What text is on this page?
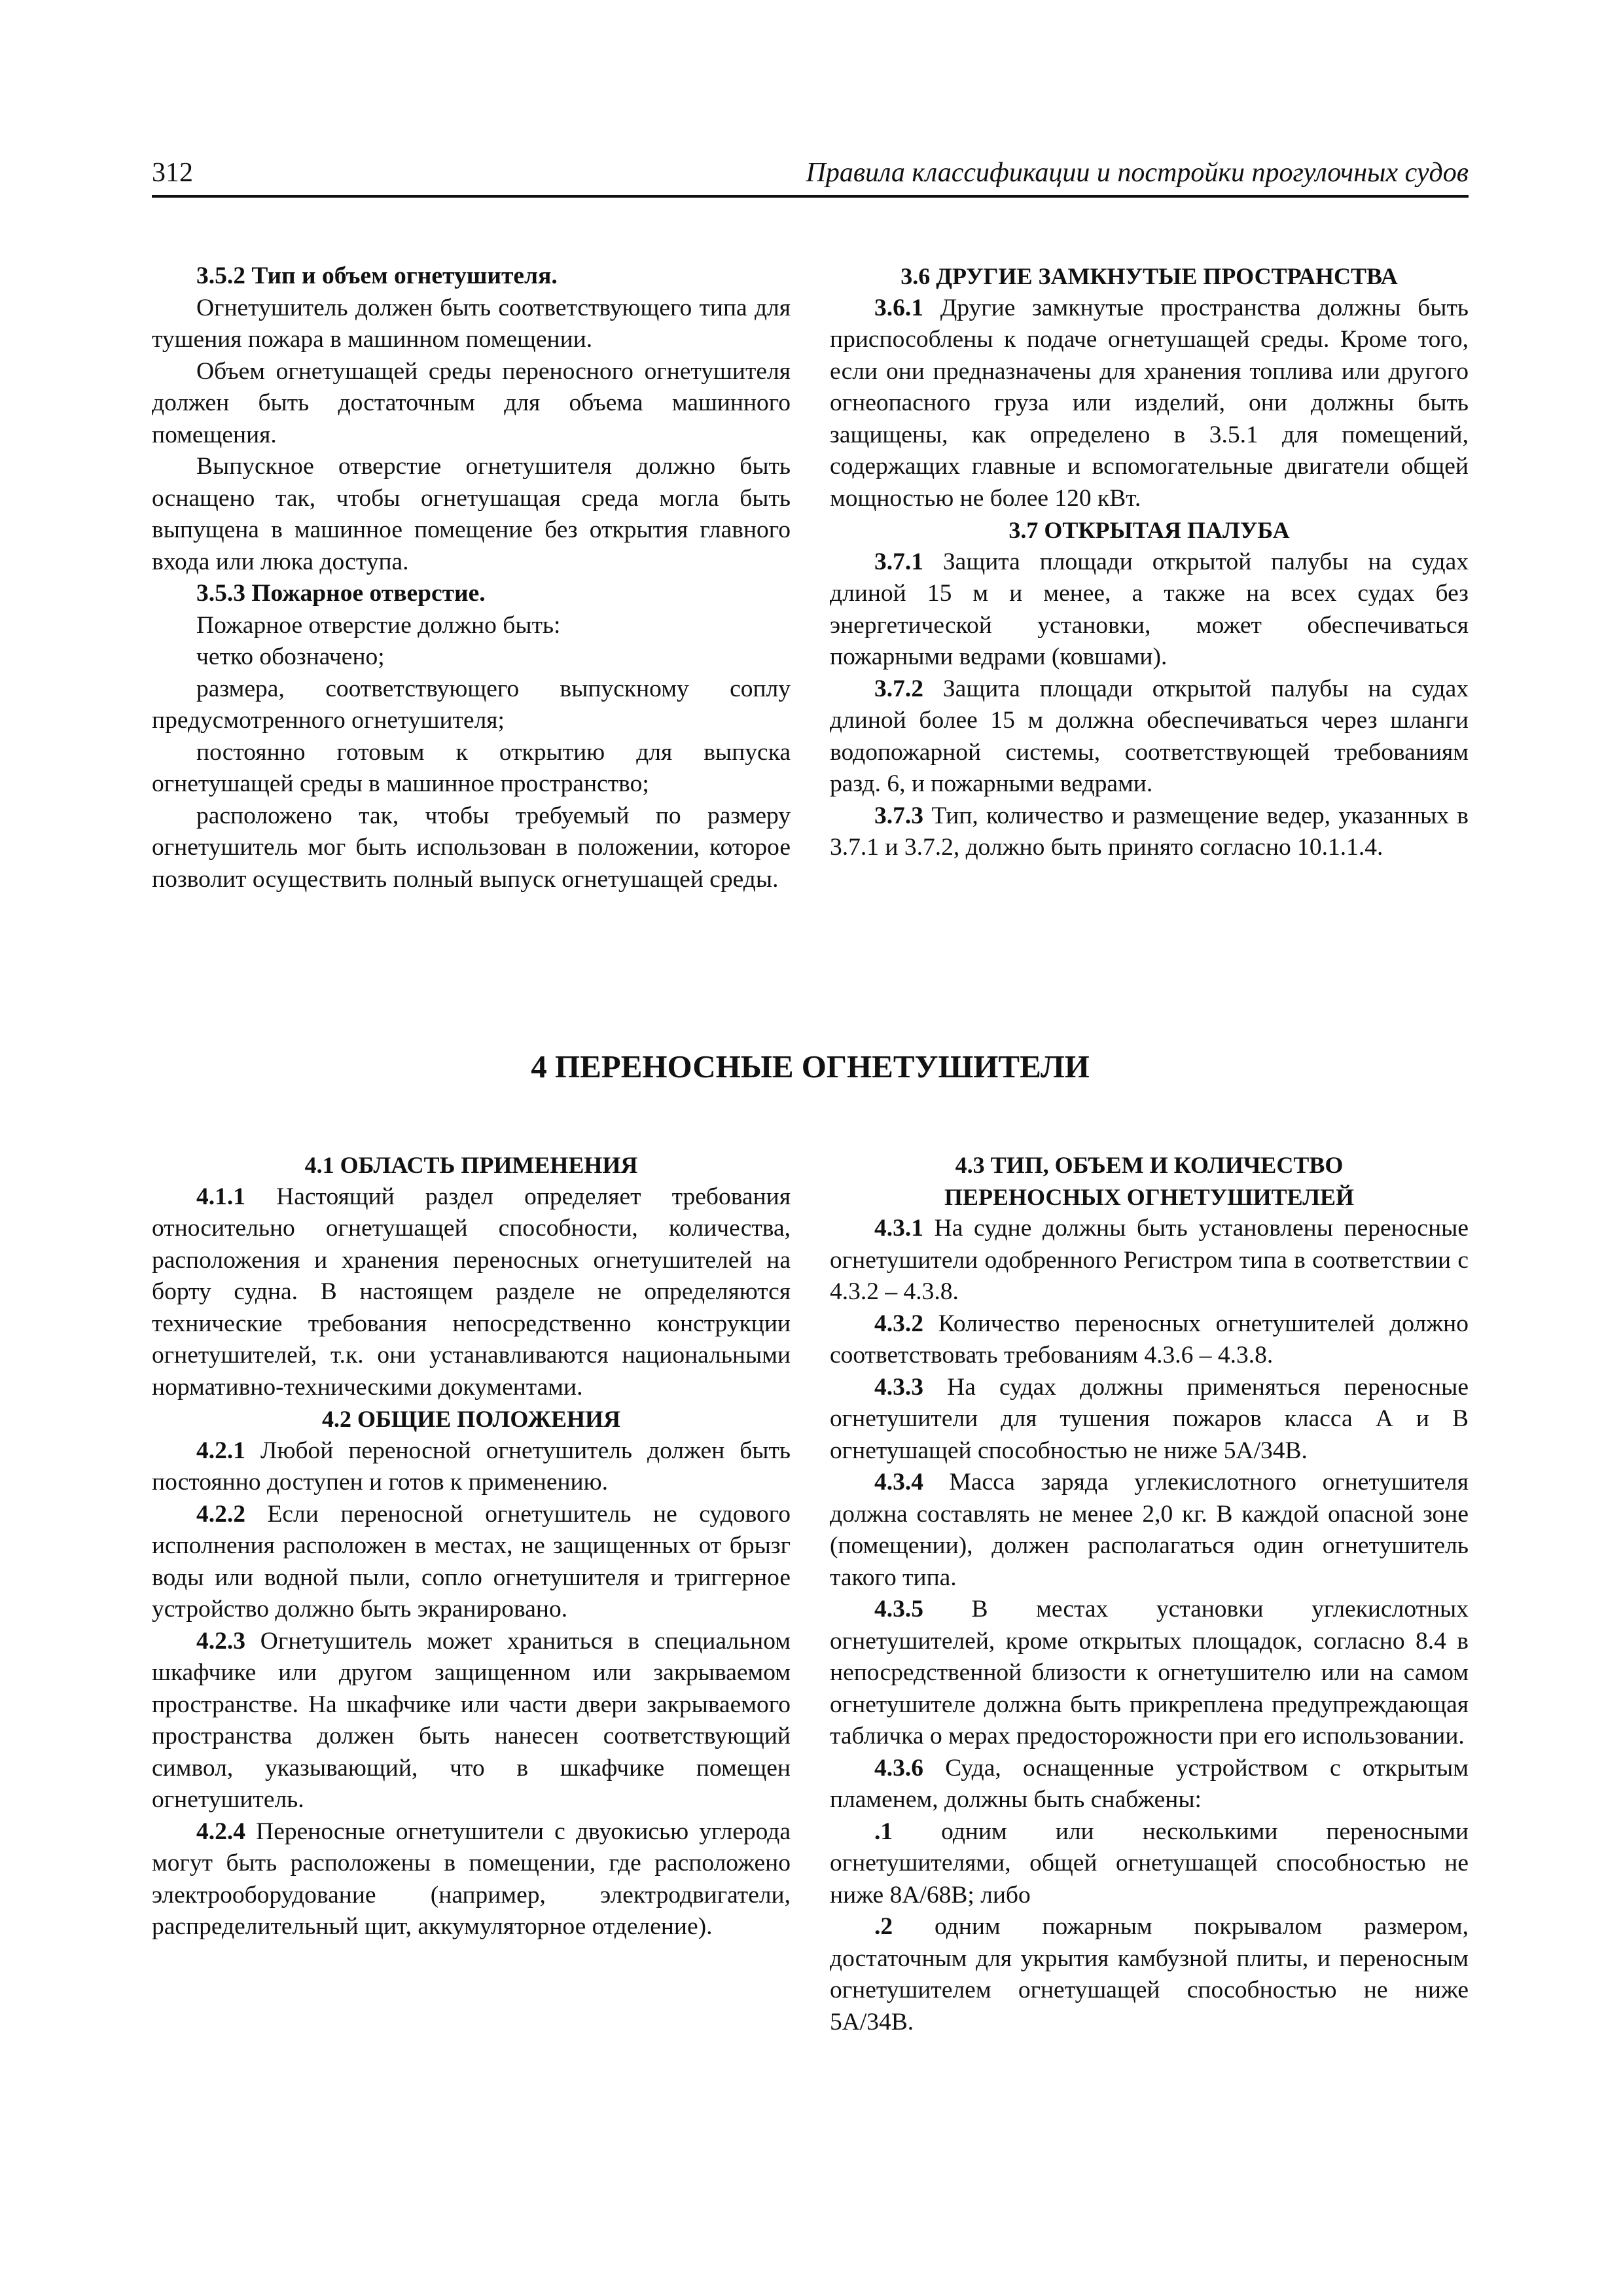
312	Правила классификации и постройки прогулочных судов
3.5.2 Тип и объем огнетушителя.

Огнетушитель должен быть соответствующего типа для тушения пожара в машинном помещении.

Объем огнетушащей среды переносного огнетушителя должен быть достаточным для объема машинного помещения.

Выпускное отверстие огнетушителя должно быть оснащено так, чтобы огнетушащая среда могла быть выпущена в машинное помещение без открытия главного входа или люка доступа.

3.5.3 Пожарное отверстие.

Пожарное отверстие должно быть:

четко обозначено;

размера, соответствующего выпускному соплу предусмотренного огнетушителя;

постоянно готовым к открытию для выпуска огнетушащей среды в машинное пространство;

расположено так, чтобы требуемый по размеру огнетушитель мог быть использован в положении, которое позволит осуществить полный выпуск огнетушащей среды.

3.6 ДРУГИЕ ЗАМКНУТЫЕ ПРОСТРАНСТВА

3.6.1 Другие замкнутые пространства должны быть приспособлены к подаче огнетушащей среды. Кроме того, если они предназначены для хранения топлива или другого огнеопасного груза или изделий, они должны быть защищены, как определено в 3.5.1 для помещений, содержащих главные и вспомогательные двигатели общей мощностью не более 120 кВт.

3.7 ОТКРЫТАЯ ПАЛУБА

3.7.1 Защита площади открытой палубы на судах длиной 15 м и менее, а также на всех судах без энергетической установки, может обеспечиваться пожарными ведрами (ковшами).

3.7.2 Защита площади открытой палубы на судах длиной более 15 м должна обеспечиваться через шланги водопожарной системы, соответствующей требованиям разд. 6, и пожарными ведрами.

3.7.3 Тип, количество и размещение ведер, указанных в 3.7.1 и 3.7.2, должно быть принято согласно 10.1.1.4.

4 ПЕРЕНОСНЫЕ ОГНЕТУШИТЕЛИ
4.1 ОБЛАСТЬ ПРИМЕНЕНИЯ

4.1.1 Настоящий раздел определяет требования относительно огнетушащей способности, количества, расположения и хранения переносных огнетушителей на борту судна. В настоящем разделе не определяются технические требования непосредственно конструкции огнетушителей, т.к. они устанавливаются национальными нормативно-техническими документами.

4.2 ОБЩИЕ ПОЛОЖЕНИЯ

4.2.1 Любой переносной огнетушитель должен быть постоянно доступен и готов к применению.

4.2.2 Если переносной огнетушитель не судового исполнения расположен в местах, не защищенных от брызг воды или водной пыли, сопло огнетушителя и триггерное устройство должно быть экранировано.

4.2.3 Огнетушитель может храниться в специальном шкафчике или другом защищенном или закрываемом пространстве. На шкафчике или части двери закрываемого пространства должен быть нанесен соответствующий символ, указывающий, что в шкафчике помещен огнетушитель.

4.2.4 Переносные огнетушители с двуокисью углерода могут быть расположены в помещении, где расположено электрооборудование (например, электродвигатели, распределительный щит, аккумуляторное отделение).

4.3 ТИП, ОБЪЕМ И КОЛИЧЕСТВО
ПЕРЕНОСНЫХ ОГНЕТУШИТЕЛЕЙ

4.3.1 На судне должны быть установлены переносные огнетушители одобренного Регистром типа в соответствии с 4.3.2 – 4.3.8.

4.3.2 Количество переносных огнетушителей должно соответствовать требованиям 4.3.6 – 4.3.8.

4.3.3 На судах должны применяться переносные огнетушители для тушения пожаров класса А и В огнетушащей способностью не ниже 5А/34В.

4.3.4 Масса заряда углекислотного огнетушителя должна составлять не менее 2,0 кг. В каждой опасной зоне (помещении), должен располагаться один огнетушитель такого типа.

4.3.5 В местах установки углекислотных огнетушителей, кроме открытых площадок, согласно 8.4 в непосредственной близости к огнетушителю или на самом огнетушителе должна быть прикреплена предупреждающая табличка о мерах предосторожности при его использовании.

4.3.6 Суда, оснащенные устройством с открытым пламенем, должны быть снабжены:

.1 одним или несколькими переносными огнетушителями, общей огнетушащей способностью не ниже 8А/68В; либо

.2 одним пожарным покрывалом размером, достаточным для укрытия камбузной плиты, и переносным огнетушителем огнетушащей способностью не ниже 5А/34В.
